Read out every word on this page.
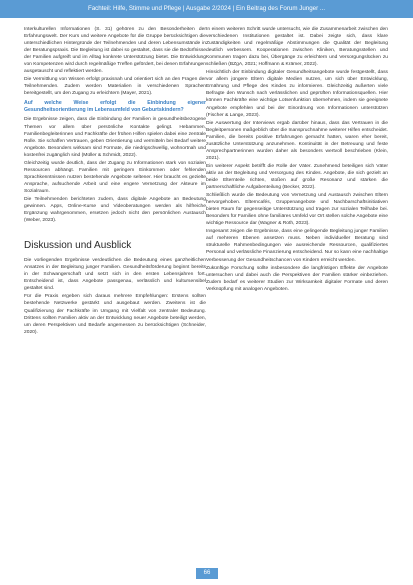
Fachteil: Hilfe, Stimme und Pflege | Ausgabe 2/2024 | Ein Beitrag des Forum Junger ...

Interkulturellen Informationen (S. 31) gehören zu den Besonderheiten der Erfahrungswelt. Der Kurs und weitere Angebote für die Gruppe berücksichtigen die unterschiedlichen Hintergründe der Teilnehmenden und deren Lebensumstände in der Beratungspraxis. Die Begleitung ist dabei so gestaltet, dass sie die Bedürfnisse der Familien aufgreift und im Alltag konkrete Unterstützung bietet. Die Entwicklung von Kompetenzen wird durch regelmäßige Treffen gefördert, bei denen Erfahrungen ausgetauscht und reflektiert werden.

Die Vermittlung von Wissen erfolgt praxisnah und orientiert sich an den Fragen der Teilnehmenden. Zudem werden Materialien in verschiedenen Sprachen bereitgestellt, um den Zugang zu erleichtern (Mayer, 2021).

Auf welche Weise erfolgt die Einbindung eigener Gesundheitsorientierung im Lebensumfeld von Geburtskindern?

Die Ergebnisse zeigen, dass die Einbindung der Familien in gesundheitsbezogene Themen vor allem über persönliche Kontakte gelingt. Hebammen, Familienbegleiterinnen und Fachkräfte der frühen Hilfen spielen dabei eine zentrale Rolle. Sie schaffen Vertrauen, geben Orientierung und vermitteln bei Bedarf weitere Angebote. Besonders wirksam sind Formate, die niedrigschwellig, wohnortnah und kostenfrei zugänglich sind (Müller & Schmidt, 2022).

Gleichzeitig wurde deutlich, dass der Zugang zu Informationen stark von sozialen Ressourcen abhängt. Familien mit geringem Einkommen oder fehlenden Sprachkenntnissen nutzen bestehende Angebote seltener. Hier braucht es gezielte Ansprache, aufsuchende Arbeit und eine engere Vernetzung der Akteure im Sozialraum.

Die Teilnehmenden berichteten zudem, dass digitale Angebote an Bedeutung gewinnen. Apps, Online-Kurse und Videoberatungen werden als hilfreiche Ergänzung wahrgenommen, ersetzen jedoch nicht den persönlichen Austausch (Weber, 2023).

Diskussion und Ausblick

Die vorliegenden Ergebnisse verdeutlichen die Bedeutung eines ganzheitlichen Ansatzes in der Begleitung junger Familien. Gesundheitsförderung beginnt bereits in der Schwangerschaft und setzt sich in den ersten Lebensjahren fort. Entscheidend ist, dass Angebote passgenau, verlässlich und kultursensibel gestaltet sind.

Für die Praxis ergeben sich daraus mehrere Empfehlungen: Erstens sollten bestehende Netzwerke gestärkt und ausgebaut werden. Zweitens ist die Qualifizierung der Fachkräfte im Umgang mit Vielfalt von zentraler Bedeutung. Drittens sollten Familien aktiv an der Entwicklung neuer Angebote beteiligt werden, um deren Perspektiven und Bedarfe angemessen zu berücksichtigen (Schneider, 2020).

In einem weiteren Schritt wurde untersucht, wie die Zusammenarbeit zwischen den verschiedenen Institutionen gestaltet ist. Dabei zeigte sich, dass klare Zuständigkeiten und regelmäßige Abstimmungen die Qualität der Begleitung deutlich verbessern. Kooperationen zwischen Kliniken, Beratungsstellen und Kommunen tragen dazu bei, Übergänge zu erleichtern und Versorgungslücken zu schließen (BZgA, 2021; Hoffmann & Krämer, 2022).

Hinsichtlich der Einbindung digitaler Gesundheitsangebote wurde festgestellt, dass vor allem jüngere Eltern digitale Medien nutzen, um sich über Entwicklung, Ernährung und Pflege des Kindes zu informieren. Gleichzeitig äußerten viele Befragte den Wunsch nach verlässlichen und geprüften Informationsquellen. Hier können Fachkräfte eine wichtige Lotsenfunktion übernehmen, indem sie geeignete Angebote empfehlen und bei der Einordnung von Informationen unterstützen (Fischer & Lange, 2023).

Die Auswertung der Interviews ergab darüber hinaus, dass das Vertrauen in die Begleitpersonen maßgeblich über die Inanspruchnahme weiterer Hilfen entscheidet. Familien, die bereits positive Erfahrungen gemacht hatten, waren eher bereit, zusätzliche Unterstützung anzunehmen. Kontinuität in der Betreuung und feste Ansprechpartnerinnen wurden daher als besonders wertvoll beschrieben (Klein, 2021).

Ein weiterer Aspekt betrifft die Rolle der Väter. Zunehmend beteiligen sich Väter aktiv an der Begleitung und Versorgung des Kindes. Angebote, die sich gezielt an beide Elternteile richten, stoßen auf große Resonanz und stärken die partnerschaftliche Aufgabenteilung (Becker, 2022).

Schließlich wurde die Bedeutung von Vernetzung und Austausch zwischen Eltern hervorgehoben. Elterncafés, Gruppenangebote und Nachbarschaftsinitiativen bieten Raum für gegenseitige Unterstützung und tragen zur sozialen Teilhabe bei. Besonders für Familien ohne familiäres Umfeld vor Ort stellen solche Angebote eine wichtige Ressource dar (Wagner & Roth, 2023).

Insgesamt zeigen die Ergebnisse, dass eine gelingende Begleitung junger Familien auf mehreren Ebenen ansetzen muss. Neben individueller Beratung sind strukturelle Rahmenbedingungen wie ausreichende Ressourcen, qualifiziertes Personal und verlässliche Finanzierung entscheidend. Nur so kann eine nachhaltige Verbesserung der Gesundheitschancen von Kindern erreicht werden.

Zukünftige Forschung sollte insbesondere die langfristigen Effekte der Angebote untersuchen und dabei auch die Perspektiven der Familien stärker einbeziehen. Zudem bedarf es weiterer Studien zur Wirksamkeit digitaler Formate und deren Verknüpfung mit analogen Angeboten.

66
